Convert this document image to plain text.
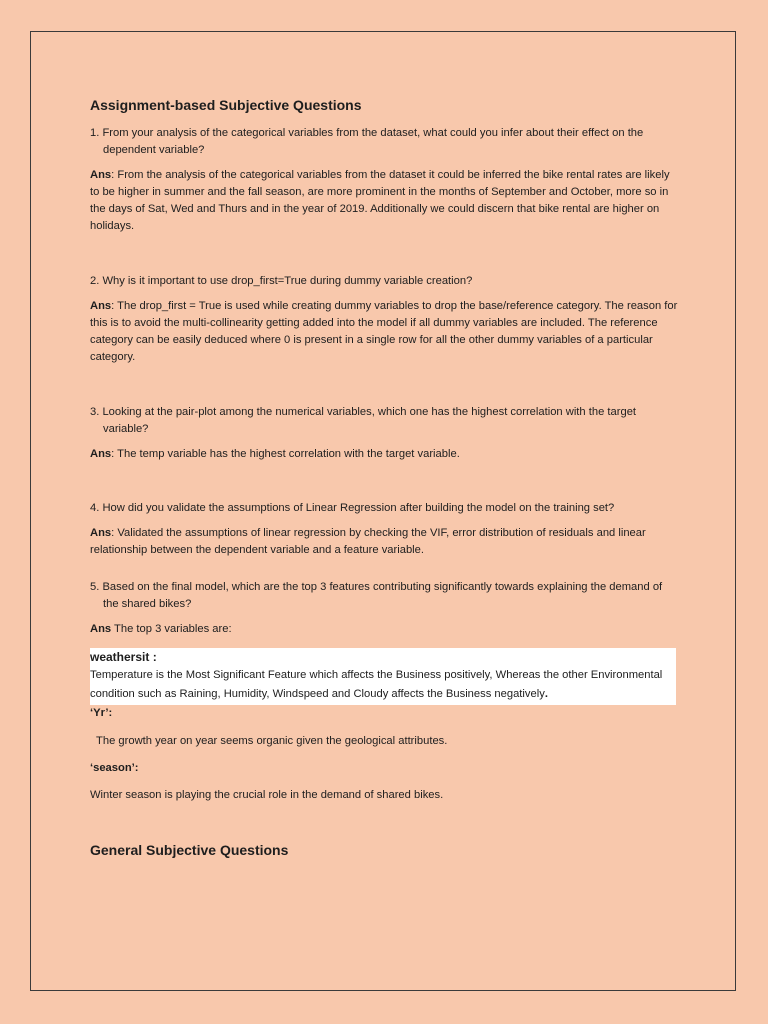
Assignment-based Subjective Questions

1. From your analysis of the categorical variables from the dataset, what could you infer about their effect on the dependent variable?

Ans: From the analysis of the categorical variables from the dataset it could be inferred the bike rental rates are likely to be higher in summer and the fall season, are more prominent in the months of September and October, more so in the days of Sat, Wed and Thurs and in the year of 2019. Additionally we could discern that bike rental are higher on holidays.

2. Why is it important to use drop_first=True during dummy variable creation?

Ans: The drop_first = True is used while creating dummy variables to drop the base/reference category. The reason for this is to avoid the multi-collinearity getting added into the model if all dummy variables are included. The reference category can be easily deduced where 0 is present in a single row for all the other dummy variables of a particular category.

3. Looking at the pair-plot among the numerical variables, which one has the highest correlation with the target variable?

Ans: The temp variable has the highest correlation with the target variable.

4. How did you validate the assumptions of Linear Regression after building the model on the training set?

Ans: Validated the assumptions of linear regression by checking the VIF, error distribution of residuals and linear relationship between the dependent variable and a feature variable.

5. Based on the final model, which are the top 3 features contributing significantly towards explaining the demand of the shared bikes?

Ans The top 3 variables are:

weathersit :

Temperature is the Most Significant Feature which affects the Business positively, Whereas the other Environmental condition such as Raining, Humidity, Windspeed and Cloudy affects the Business negatively.

‘Yr’:

The growth year on year seems organic given the geological attributes.

‘season’:

Winter season is playing the crucial role in the demand of shared bikes.

General Subjective Questions
